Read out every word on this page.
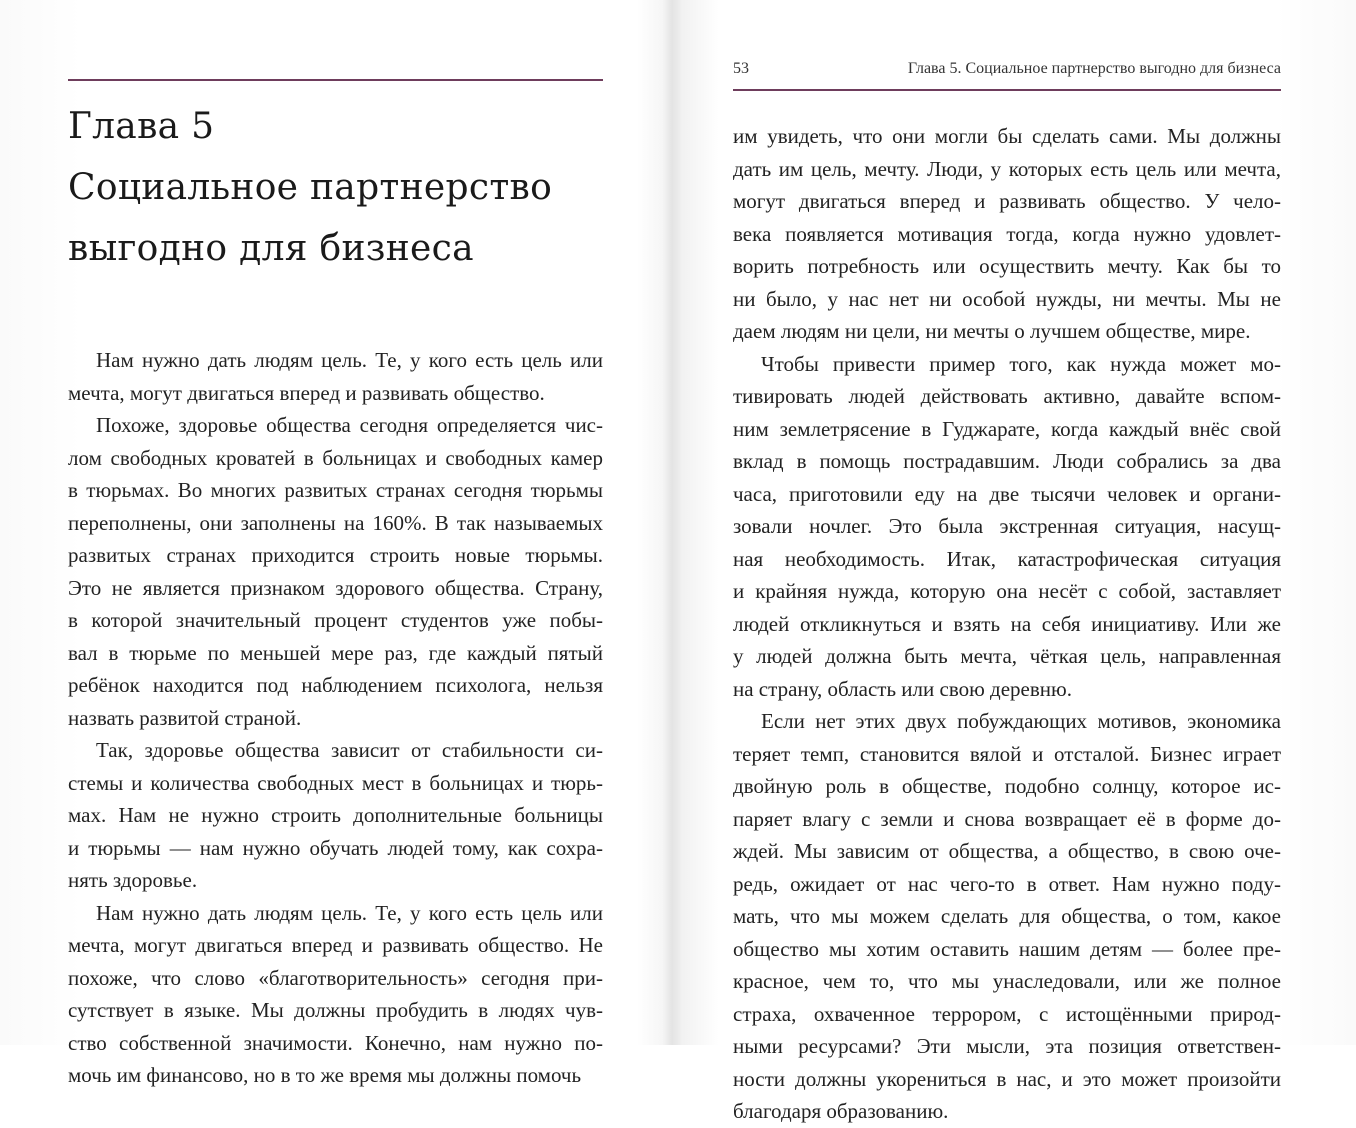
Глава 5
Социальное партнерство
выгодно для бизнеса

Нам нужно дать людям цель. Те, у кого есть цель или
мечта, могут двигаться вперед и развивать общество.

Похоже, здоровье общества сегодня определяется чис-
лом свободных кроватей в больницах и свободных камер
в тюрьмах. Во многих развитых странах сегодня тюрьмы
переполнены, они заполнены на 160%. В так называемых
развитых странах приходится строить новые тюрьмы.
Это не является признаком здорового общества. Страну,
в которой значительный процент студентов уже побы-
вал в тюрьме по меньшей мере раз, где каждый пятый
ребёнок находится под наблюдением психолога, нельзя
назвать развитой страной.

Так, здоровье общества зависит от стабильности си-
стемы и количества свободных мест в больницах и тюрь-
мах. Нам не нужно строить дополнительные больницы
и тюрьмы — нам нужно обучать людей тому, как сохра-
нять здоровье.

Нам нужно дать людям цель. Те, у кого есть цель или
мечта, могут двигаться вперед и развивать общество. Не
похоже, что слово «благотворительность» сегодня при-
сутствует в языке. Мы должны пробудить в людях чув-
ство собственной значимости. Конечно, нам нужно по-
мочь им финансово, но в то же время мы должны помочь

53	Глава 5. Социальное партнерство выгодно для бизнеса

им увидеть, что они могли бы сделать сами. Мы должны
дать им цель, мечту. Люди, у которых есть цель или мечта,
могут двигаться вперед и развивать общество. У чело-
века появляется мотивация тогда, когда нужно удовлет-
ворить потребность или осуществить мечту. Как бы то
ни было, у нас нет ни особой нужды, ни мечты. Мы не
даем людям ни цели, ни мечты о лучшем обществе, мире.

Чтобы привести пример того, как нужда может мо-
тивировать людей действовать активно, давайте вспом-
ним землетрясение в Гуджарате, когда каждый внёс свой
вклад в помощь пострадавшим. Люди собрались за два
часа, приготовили еду на две тысячи человек и органи-
зовали ночлег. Это была экстренная ситуация, насущ-
ная необходимость. Итак, катастрофическая ситуация
и крайняя нужда, которую она несёт с собой, заставляет
людей откликнуться и взять на себя инициативу. Или же
у людей должна быть мечта, чёткая цель, направленная
на страну, область или свою деревню.

Если нет этих двух побуждающих мотивов, экономика
теряет темп, становится вялой и отсталой. Бизнес играет
двойную роль в обществе, подобно солнцу, которое ис-
паряет влагу с земли и снова возвращает её в форме до-
ждей. Мы зависим от общества, а общество, в свою оче-
редь, ожидает от нас чего-то в ответ. Нам нужно поду-
мать, что мы можем сделать для общества, о том, какое
общество мы хотим оставить нашим детям — более пре-
красное, чем то, что мы унаследовали, или же полное
страха, охваченное террором, с истощёнными природ-
ными ресурсами? Эти мысли, эта позиция ответствен-
ности должны укорениться в нас, и это может произойти
благодаря образованию.
